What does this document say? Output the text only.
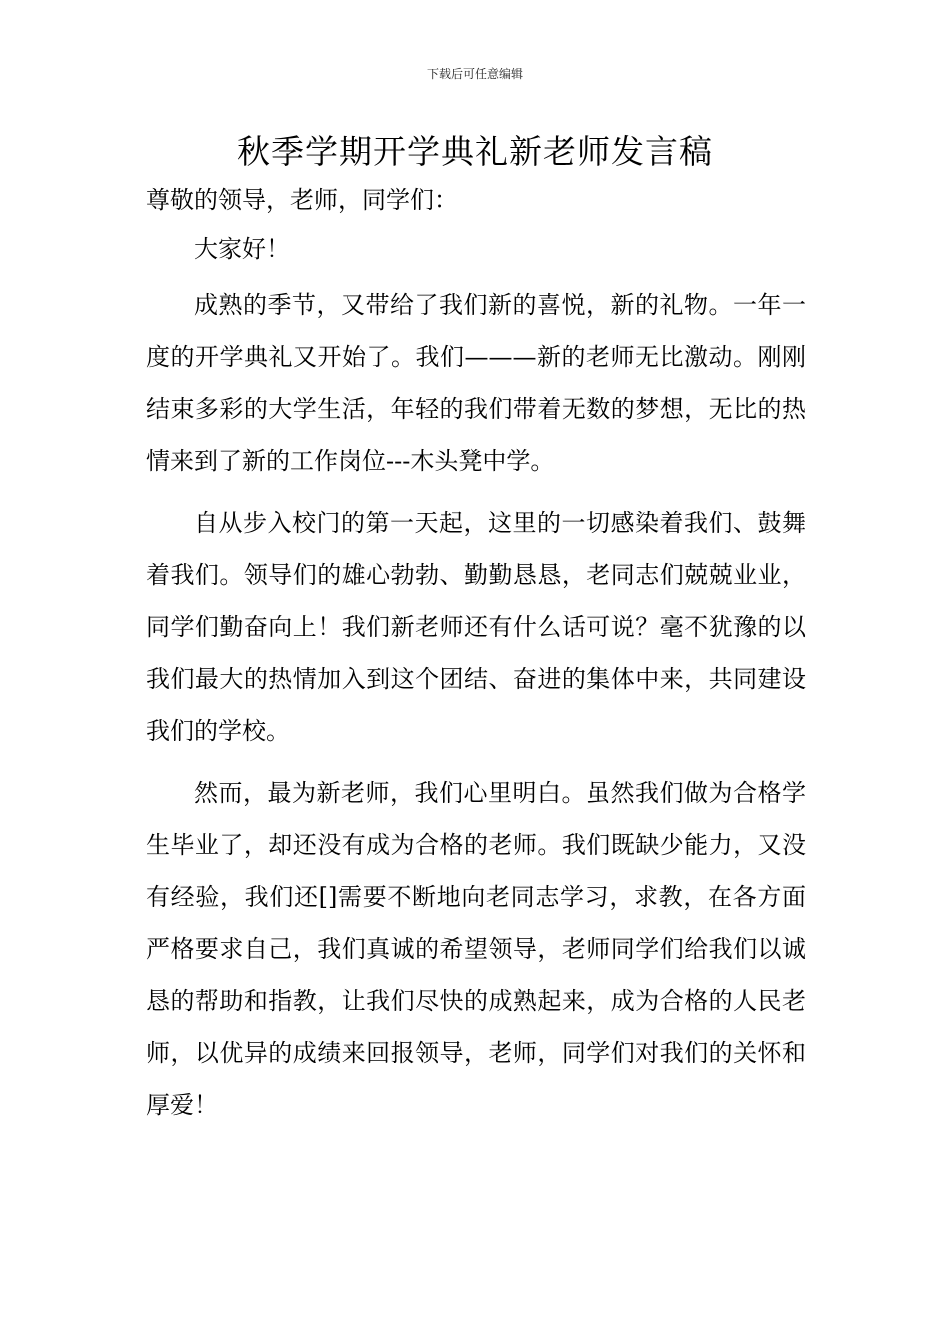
下载后可任意编辑
秋季学期开学典礼新老师发言稿

尊敬的领导，老师，同学们：

大家好！

成熟的季节，又带给了我们新的喜悦，新的礼物。一年一度的开学典礼又开始了。我们———新的老师无比激动。刚刚结束多彩的大学生活，年轻的我们带着无数的梦想，无比的热情来到了新的工作岗位---木头凳中学。

自从步入校门的第一天起，这里的一切感染着我们、鼓舞着我们。领导们的雄心勃勃、勤勤恳恳，老同志们兢兢业业，同学们勤奋向上！我们新老师还有什么话可说？毫不犹豫的以我们最大的热情加入到这个团结、奋进的集体中来，共同建设我们的学校。

然而，最为新老师，我们心里明白。虽然我们做为合格学生毕业了，却还没有成为合格的老师。我们既缺少能力，又没有经验，我们还[]需要不断地向老同志学习，求教，在各方面严格要求自己，我们真诚的希望领导，老师同学们给我们以诚恳的帮助和指教，让我们尽快的成熟起来，成为合格的人民老师，以优异的成绩来回报领导，老师，同学们对我们的关怀和厚爱！
